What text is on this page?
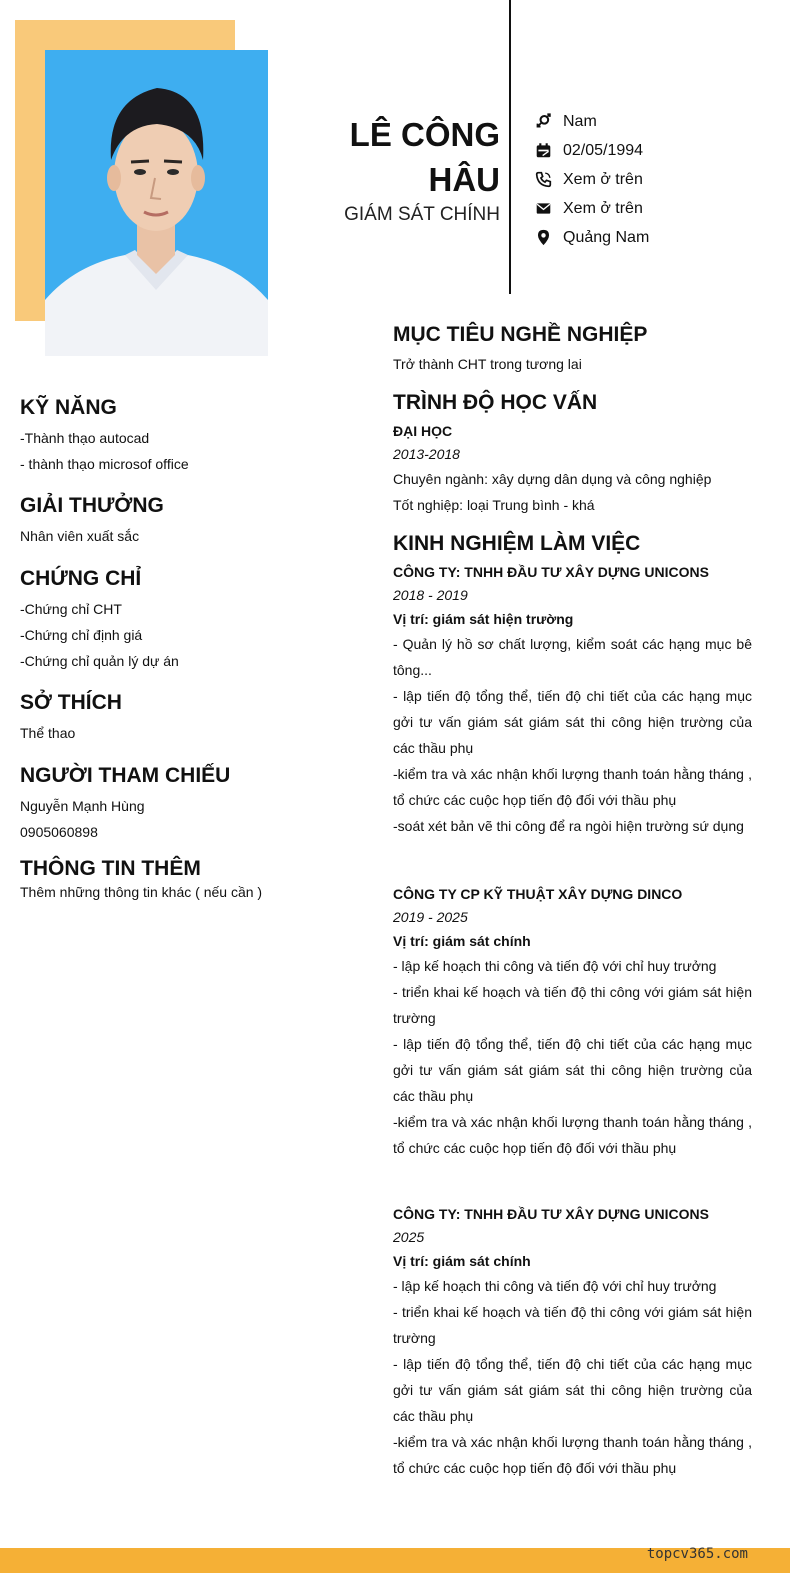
LÊ CÔNG
HÂU
GIÁM SÁT CHÍNH
Nam
02/05/1994
Xem ở trên
Xem ở trên
Quảng Nam
KỸ NĂNG
-Thành thạo autocad
- thành thạo microsof office
GIẢI THƯỞNG
Nhân viên xuất sắc
CHỨNG CHỈ
-Chứng chỉ CHT
-Chứng chỉ định giá
-Chứng chỉ quản lý dự án
SỞ THÍCH
Thể thao
NGƯỜI THAM CHIẾU
Nguyễn Mạnh Hùng
0905060898
THÔNG TIN THÊM
Thêm những thông tin khác ( nếu cần )
MỤC TIÊU NGHỀ NGHIỆP
Trở thành CHT trong tương lai
TRÌNH ĐỘ HỌC VẤN
ĐẠI HỌC
2013-2018
Chuyên ngành: xây dựng dân dụng và công nghiệp
Tốt nghiệp: loại Trung bình - khá
KINH NGHIỆM LÀM VIỆC
CÔNG TY: TNHH ĐẦU TƯ XÂY DỰNG UNICONS
2018 - 2019
Vị trí: giám sát hiện trường
- Quản lý hồ sơ chất lượng, kiểm soát các hạng mục bê tông...
- lập tiến độ tổng thể, tiến độ chi tiết của các hạng mục gởi tư vấn giám sát giám sát thi công hiện trường của các thầu phụ
-kiểm tra và xác nhận khối lượng thanh toán hằng tháng , tổ chức các cuộc họp tiến độ đối với thầu phụ
-soát xét bản vẽ thi công để ra ngòi hiện trường sứ dụng
CÔNG TY CP KỸ THUẬT XÂY DỰNG DINCO
2019 - 2025
Vị trí: giám sát chính
- lập kế hoạch thi công và tiến độ với chỉ huy trưởng
- triển khai kế hoạch và tiến độ thi công với giám sát hiện trường
- lập tiến độ tổng thể, tiến độ chi tiết của các hạng mục gởi tư vấn giám sát giám sát thi công hiện trường của các thầu phụ
-kiểm tra và xác nhận khối lượng thanh toán hằng tháng , tổ chức các cuộc họp tiến độ đối với thầu phụ
CÔNG TY: TNHH ĐẦU TƯ XÂY DỰNG UNICONS
2025
Vị trí: giám sát chính
- lập kế hoạch thi công và tiến độ với chỉ huy trưởng
- triển khai kế hoạch và tiến độ thi công với giám sát hiện trường
- lập tiến độ tổng thể, tiến độ chi tiết của các hạng mục gởi tư vấn giám sát giám sát thi công hiện trường của các thầu phụ
-kiểm tra và xác nhận khối lượng thanh toán hằng tháng , tổ chức các cuộc họp tiến độ đối với thầu phụ
topcv365.com
